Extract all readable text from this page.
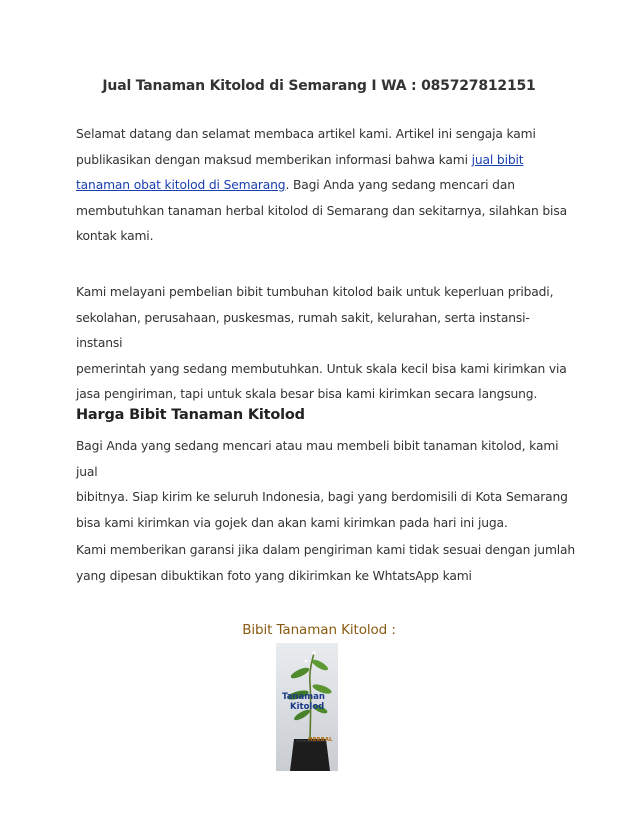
Jual Tanaman Kitolod di Semarang I WA : 085727812151

Selamat datang dan selamat membaca artikel kami. Artikel ini sengaja kami
publikasikan dengan maksud memberikan informasi bahwa kami jual bibit
tanaman obat kitolod di Semarang. Bagi Anda yang sedang mencari dan
membutuhkan tanaman herbal kitolod di Semarang dan sekitarnya, silahkan bisa
kontak kami.

Kami melayani pembelian bibit tumbuhan kitolod baik untuk keperluan pribadi,
sekolahan, perusahaan, puskesmas, rumah sakit, kelurahan, serta instansi-instansi
pemerintah yang sedang membutuhkan. Untuk skala kecil bisa kami kirimkan via
jasa pengiriman, tapi untuk skala besar bisa kami kirimkan secara langsung.

Harga Bibit Tanaman Kitolod

Bagi Anda yang sedang mencari atau mau membeli bibit tanaman kitolod, kami jual
bibitnya. Siap kirim ke seluruh Indonesia, bagi yang berdomisili di Kota Semarang
bisa kami kirimkan via gojek dan akan kami kirimkan pada hari ini juga.

Kami memberikan garansi jika dalam pengiriman kami tidak sesuai dengan jumlah
yang dipesan dibuktikan foto yang dikirimkan ke WhtatsApp kami

Bibit Tanaman Kitolod :
Tanaman
Kitolod
HERBAL
